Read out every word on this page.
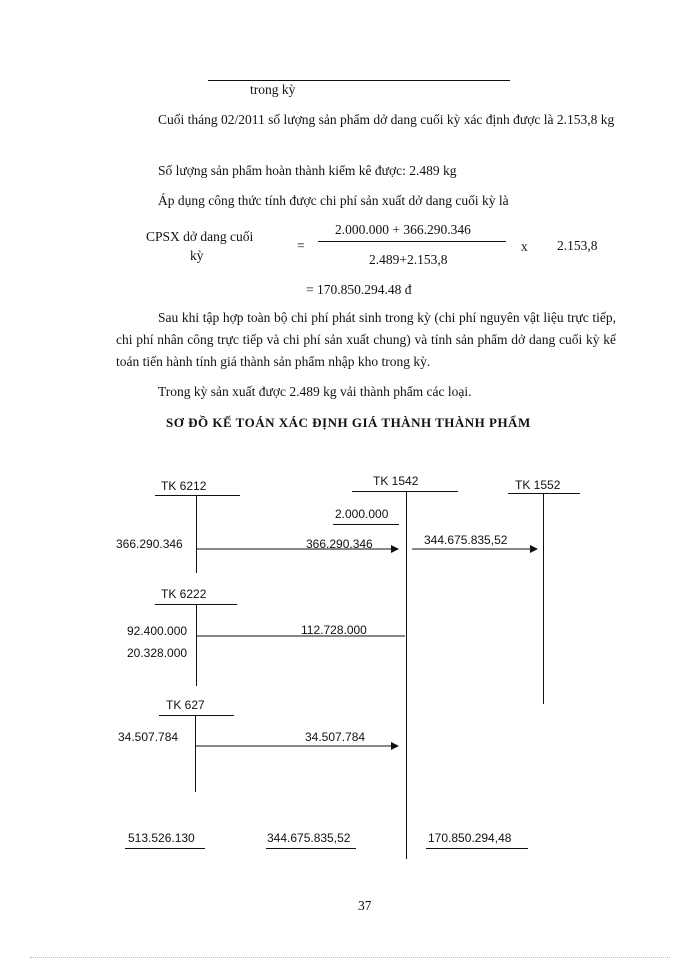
trong kỳ
Cuối tháng 02/2011 số lượng sản phẩm dở dang cuối kỳ xác định được là 2.153,8 kg
Số lượng sản phẩm hoàn thành kiểm kê được: 2.489 kg
Áp dụng công thức tính được chi phí sản xuất dở dang cuối kỳ là
CPSX dở dang cuối
kỳ
=
2.000.000 + 366.290.346
2.489+2.153,8
x 2.153,8
= 170.850.294.48 đ
Sau khi tập hợp toàn bộ chi phí phát sinh trong kỳ (chi phí nguyên vật liệu trực tiếp, chi phí nhân công trực tiếp và chi phí sản xuất chung) và tính sản phẩm dở dang cuối kỳ kế toán tiến hành tính giá thành sản phẩm nhập kho trong kỳ.
Trong kỳ sản xuất được 2.489 kg vải thành phẩm các loại.
SƠ ĐỒ KẾ TOÁN XÁC ĐỊNH GIÁ THÀNH THÀNH PHẨM
TK 6212
366.290.346
TK 1542
2.000.000
366.290.346
112.728.000
34.507.784
TK 1552
344.675.835,52
TK 6222
92.400.000
20.328.000
TK 627
34.507.784
513.526.130	344.675.835,52	170.850.294,48
37
